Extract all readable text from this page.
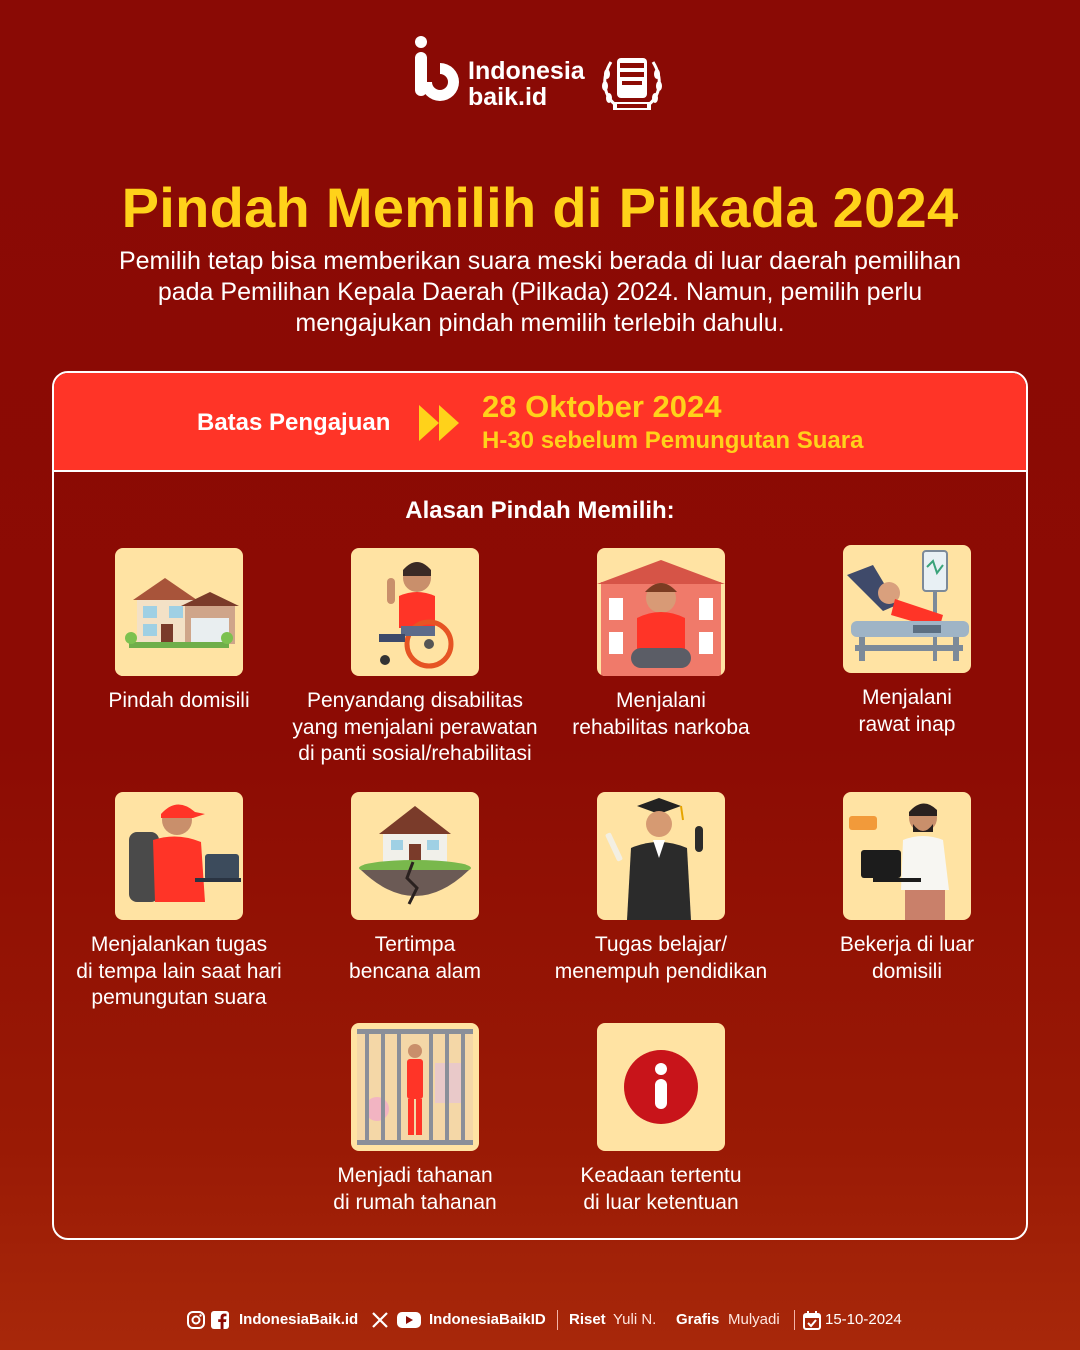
Indonesia
baik.id
Pindah Memilih di Pilkada 2024
Pemilih tetap bisa memberikan suara meski berada di luar daerah pemilihan
pada Pemilihan Kepala Daerah (Pilkada) 2024. Namun, pemilih perlu
mengajukan pindah memilih terlebih dahulu.
Batas Pengajuan	28 Oktober 2024
H-30 sebelum Pemungutan Suara
Alasan Pindah Memilih:
Pindah domisili	Penyandang disabilitas
yang menjalani perawatan
di panti sosial/rehabilitasi
Menjalani
rehabilitas narkoba
Menjalani
rawat inap
Menjalankan tugas
di tempa lain saat hari
pemungutan suara
Tertimpa
bencana alam
Tugas belajar/
menempuh pendidikan
Bekerja di luar
domisili
Menjadi tahanan
di rumah tahanan
Keadaan tertentu
di luar ketentuan
IndonesiaBaik.id	IndonesiaBaikID Riset Yuli N. Grafis Mulyadi	15-10-2024
